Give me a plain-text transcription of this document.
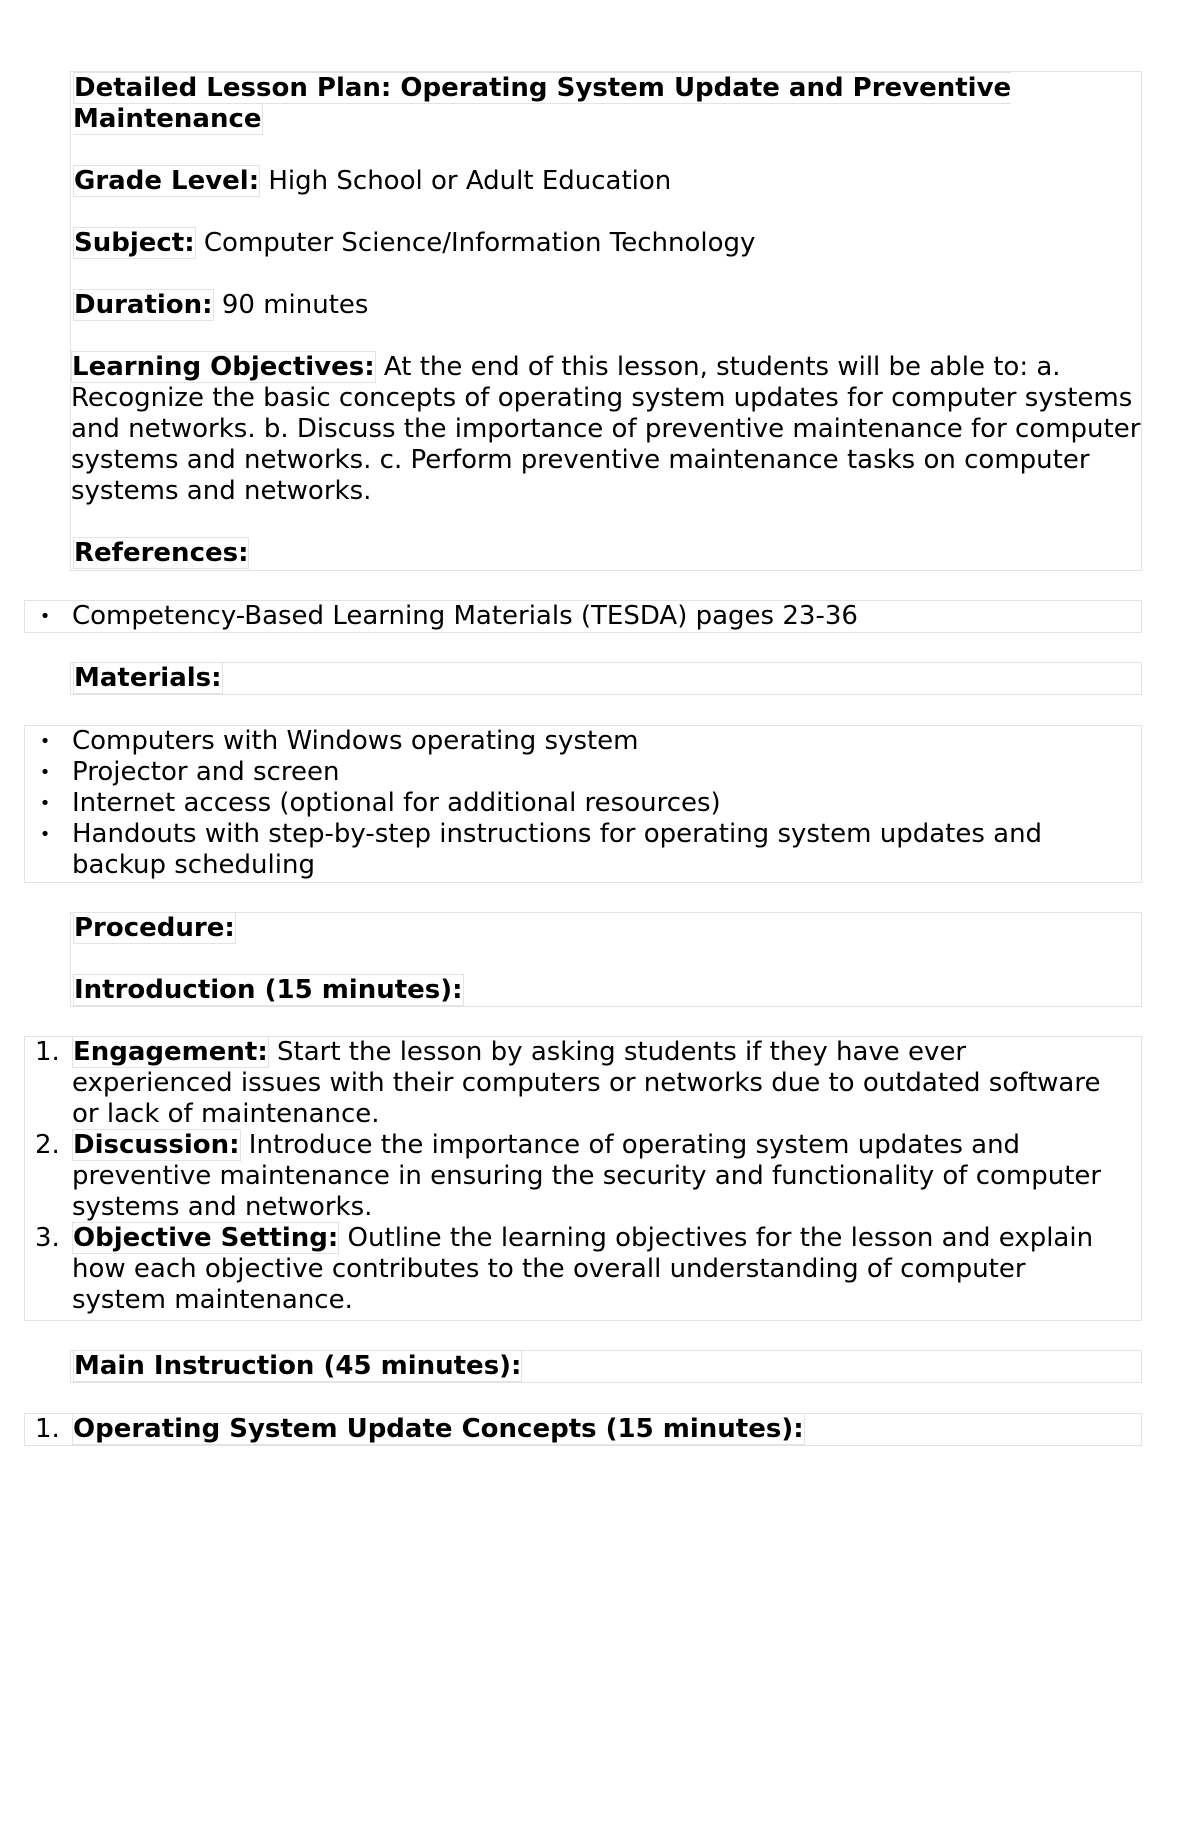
Detailed Lesson Plan: Operating System Update and Preventive Maintenance
Grade Level: High School or Adult Education
Subject: Computer Science/Information Technology
Duration: 90 minutes
Learning Objectives: At the end of this lesson, students will be able to: a. Recognize the basic concepts of operating system updates for computer systems and networks. b. Discuss the importance of preventive maintenance for computer systems and networks. c. Perform preventive maintenance tasks on computer systems and networks.
References:
• Competency-Based Learning Materials (TESDA) pages 23-36
Materials:
• Computers with Windows operating system
• Projector and screen
• Internet access (optional for additional resources)
• Handouts with step-by-step instructions for operating system updates and backup scheduling
Procedure:
Introduction (15 minutes):
1. Engagement: Start the lesson by asking students if they have ever experienced issues with their computers or networks due to outdated software or lack of maintenance.
2. Discussion: Introduce the importance of operating system updates and preventive maintenance in ensuring the security and functionality of computer systems and networks.
3. Objective Setting: Outline the learning objectives for the lesson and explain how each objective contributes to the overall understanding of computer system maintenance.
Main Instruction (45 minutes):
1. Operating System Update Concepts (15 minutes):
